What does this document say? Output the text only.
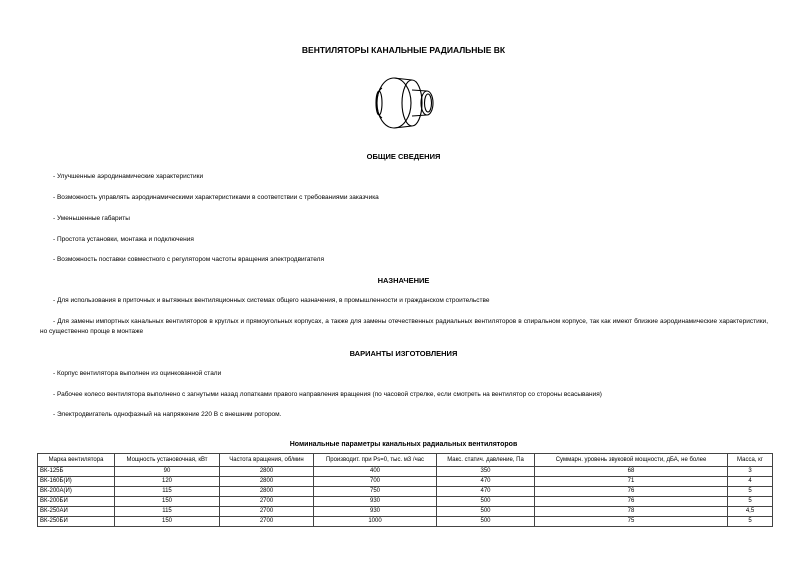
ВЕНТИЛЯТОРЫ КАНАЛЬНЫЕ РАДИАЛЬНЫЕ ВК
ОБЩИЕ СВЕДЕНИЯ
- Улучшенные аэродинамические характеристики
- Возможность управлять аэродинамическими характеристиками в соответствии с требованиями заказчика
- Уменьшенные габариты
- Простота установки, монтажа и подключения
- Возможность поставки совместного с регулятором частоты вращения электродвигателя
НАЗНАЧЕНИЕ
- Для использования в приточных и вытяжных вентиляционных системах общего назначения, в промышленности и гражданском строительстве
- Для замены импортных канальных вентиляторов в круглых и прямоугольных корпусах, а также для замены отечественных радиальных вентиляторов в спиральном корпусе, так как имеют близкие аэродинамические характеристики, но существенно проще в монтаже
ВАРИАНТЫ ИЗГОТОВЛЕНИЯ
- Корпус вентилятора выполнен из оцинкованной стали
- Рабочее колесо вентилятора выполнено с загнутыми назад лопатками правого направления вращения (по часовой стрелке, если смотреть на вентилятор со стороны всасывания)
- Электродвигатель однофазный на напряжение 220 В с внешним ротором.
Номинальные параметры канальных радиальных вентиляторов
Марка вентилятора	Мощность установочная, кВт	Частота вращения, об/мин	Производит. при Рs=0, тыс. м3 /час	Макс. статич. давление, Па	Суммарн. уровень звуковой мощности, дБА, не более	Масса, кг
ВК-125Б	90	2800	400	350	68	3
ВК-160Б(И)	120	2800	700	470	71	4
ВК-200А(И)	115	2800	750	470	76	5
ВК-200БИ	150	2700	930	500	76	5
ВК-250АИ	115	2700	930	500	78	4,5
ВК-250БИ	150	2700	1000	500	75	5
